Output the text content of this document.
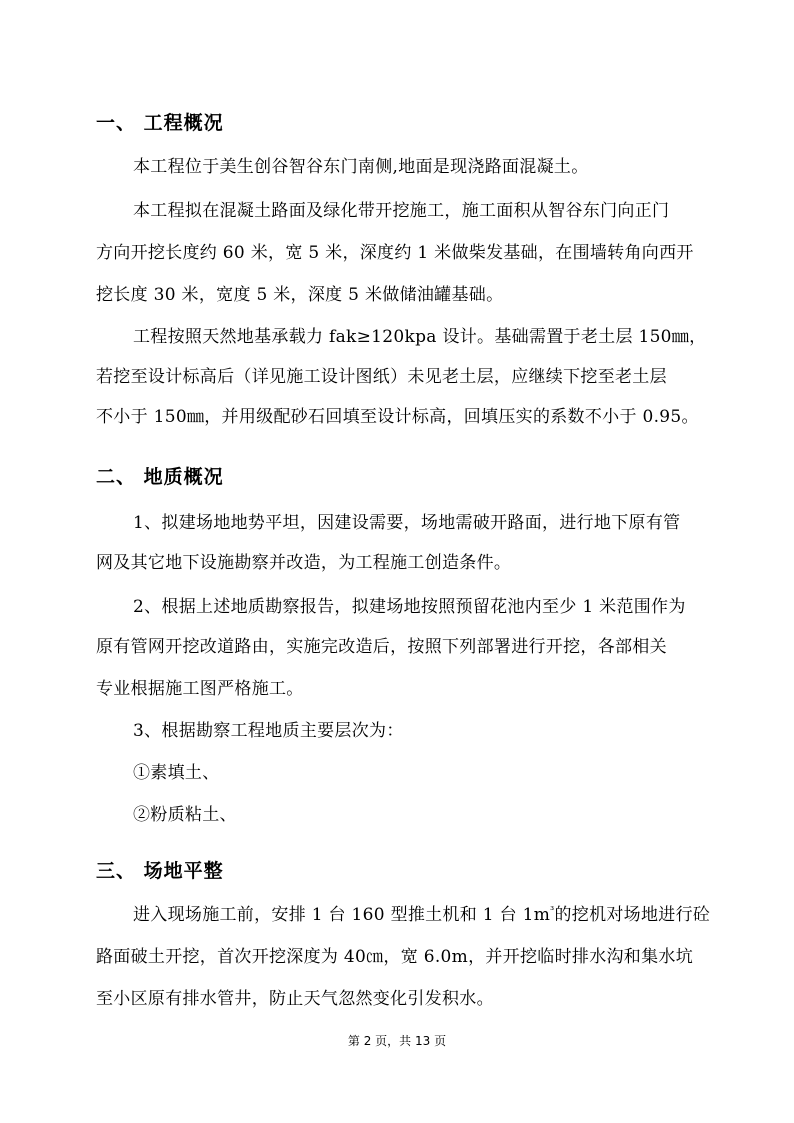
一、 工程概况
本工程位于美生创谷智谷东门南侧,地面是现浇路面混凝土。
本工程拟在混凝土路面及绿化带开挖施工，施工面积从智谷东门向正门
方向开挖长度约 60 米，宽 5 米，深度约 1 米做柴发基础，在围墙转角向西开
挖长度 30 米，宽度 5 米，深度 5 米做储油罐基础。
工程按照天然地基承载力 fak≥120kpa 设计。基础需置于老土层 150㎜，
若挖至设计标高后（详见施工设计图纸）未见老土层，应继续下挖至老土层
不小于 150㎜，并用级配砂石回填至设计标高，回填压实的系数不小于 0.95。
二、 地质概况
1、拟建场地地势平坦，因建设需要，场地需破开路面，进行地下原有管
网及其它地下设施勘察并改造，为工程施工创造条件。
2、根据上述地质勘察报告，拟建场地按照预留花池内至少 1 米范围作为
原有管网开挖改道路由，实施完改造后，按照下列部署进行开挖，各部相关
专业根据施工图严格施工。
3、根据勘察工程地质主要层次为：
①素填土、
②粉质粘土、
三、 场地平整
进入现场施工前，安排 1 台 160 型推土机和 1 台 $1m^{^3}$的挖机对场地进行砼
路面破土开挖，首次开挖深度为 40㎝，宽 6.0m，并开挖临时排水沟和集水坑
至小区原有排水管井，防止天气忽然变化引发积水。
第 2 页，共 13 页
